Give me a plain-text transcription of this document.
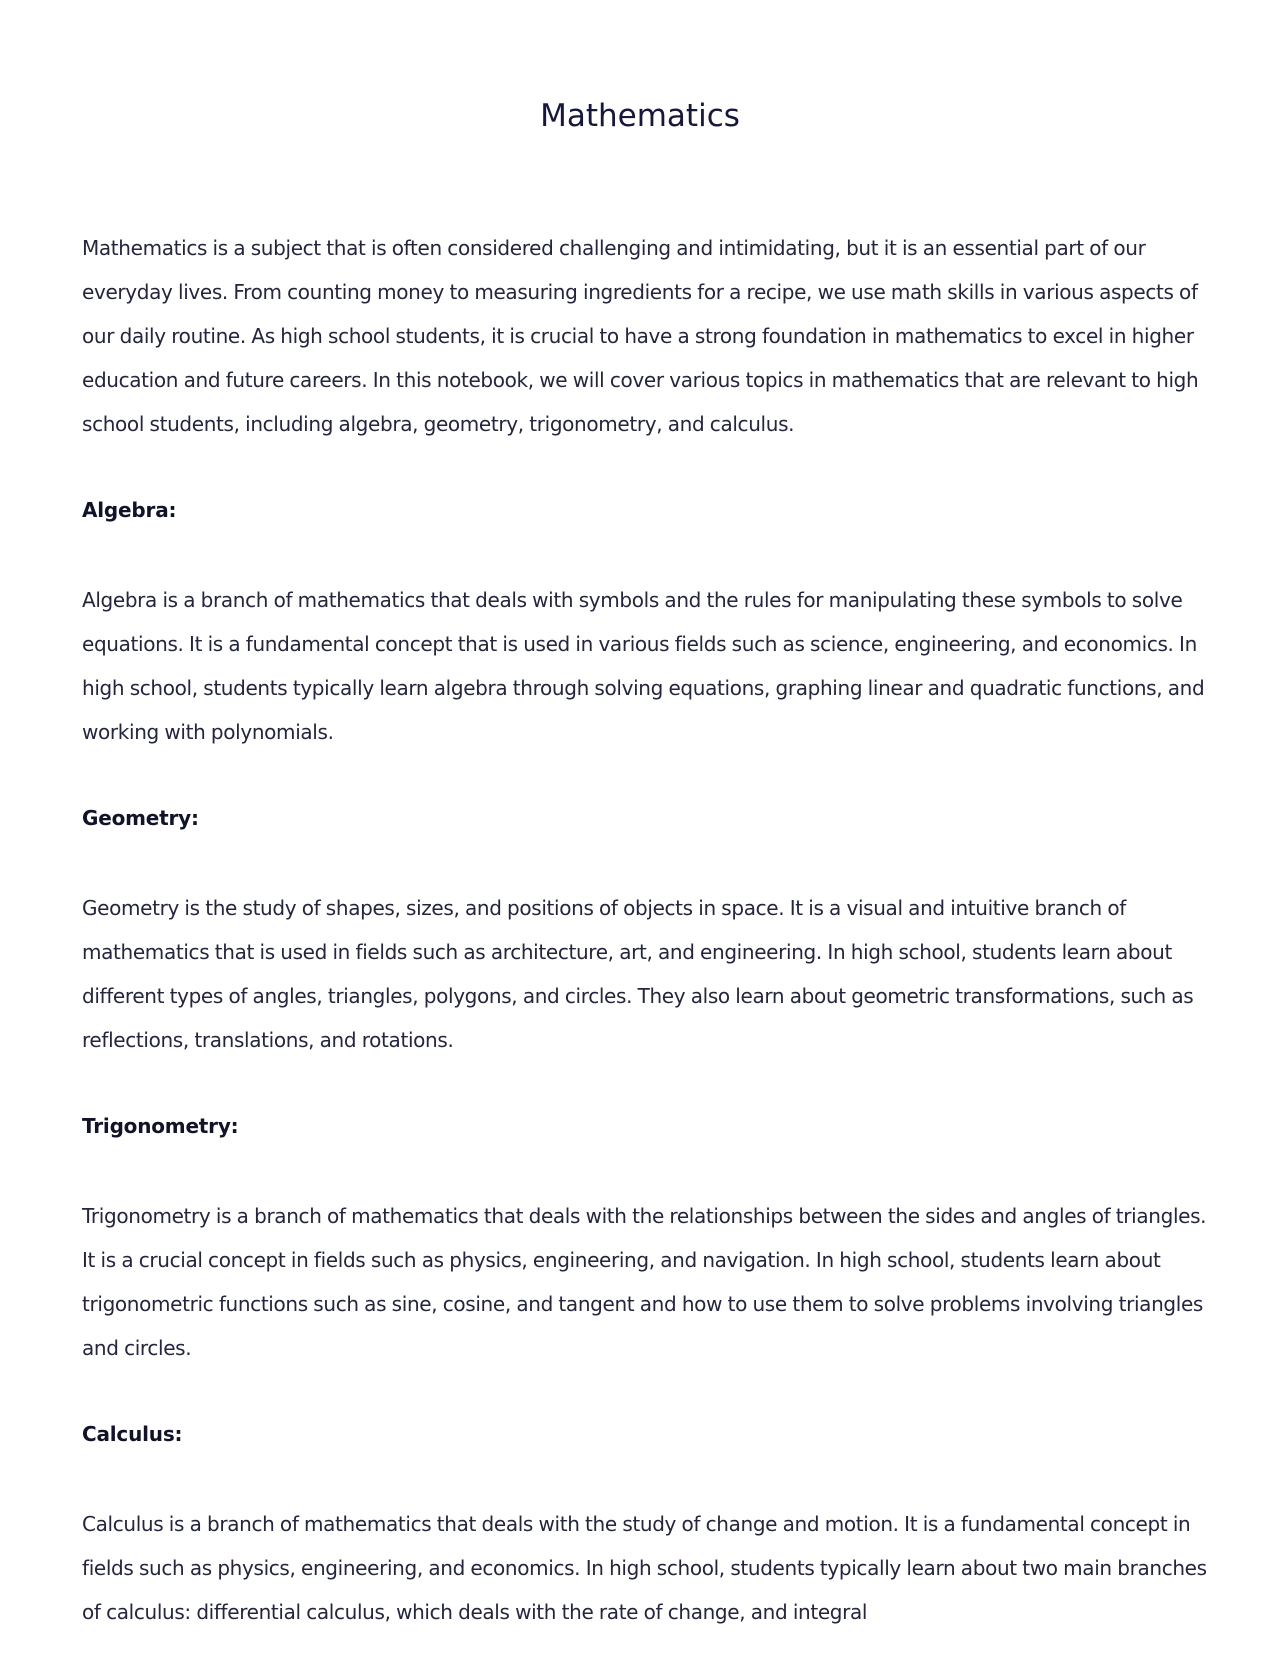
Mathematics

Mathematics is a subject that is often considered challenging and intimidating, but it is an essential part of our everyday lives. From counting money to measuring ingredients for a recipe, we use math skills in various aspects of our daily routine. As high school students, it is crucial to have a strong foundation in mathematics to excel in higher education and future careers. In this notebook, we will cover various topics in mathematics that are relevant to high school students, including algebra, geometry, trigonometry, and calculus.

Algebra:

Algebra is a branch of mathematics that deals with symbols and the rules for manipulating these symbols to solve equations. It is a fundamental concept that is used in various fields such as science, engineering, and economics. In high school, students typically learn algebra through solving equations, graphing linear and quadratic functions, and working with polynomials.

Geometry:

Geometry is the study of shapes, sizes, and positions of objects in space. It is a visual and intuitive branch of mathematics that is used in fields such as architecture, art, and engineering. In high school, students learn about different types of angles, triangles, polygons, and circles. They also learn about geometric transformations, such as reflections, translations, and rotations.

Trigonometry:

Trigonometry is a branch of mathematics that deals with the relationships between the sides and angles of triangles. It is a crucial concept in fields such as physics, engineering, and navigation. In high school, students learn about trigonometric functions such as sine, cosine, and tangent and how to use them to solve problems involving triangles and circles.

Calculus:

Calculus is a branch of mathematics that deals with the study of change and motion. It is a fundamental concept in fields such as physics, engineering, and economics. In high school, students typically learn about two main branches of calculus: differential calculus, which deals with the rate of change, and integral
